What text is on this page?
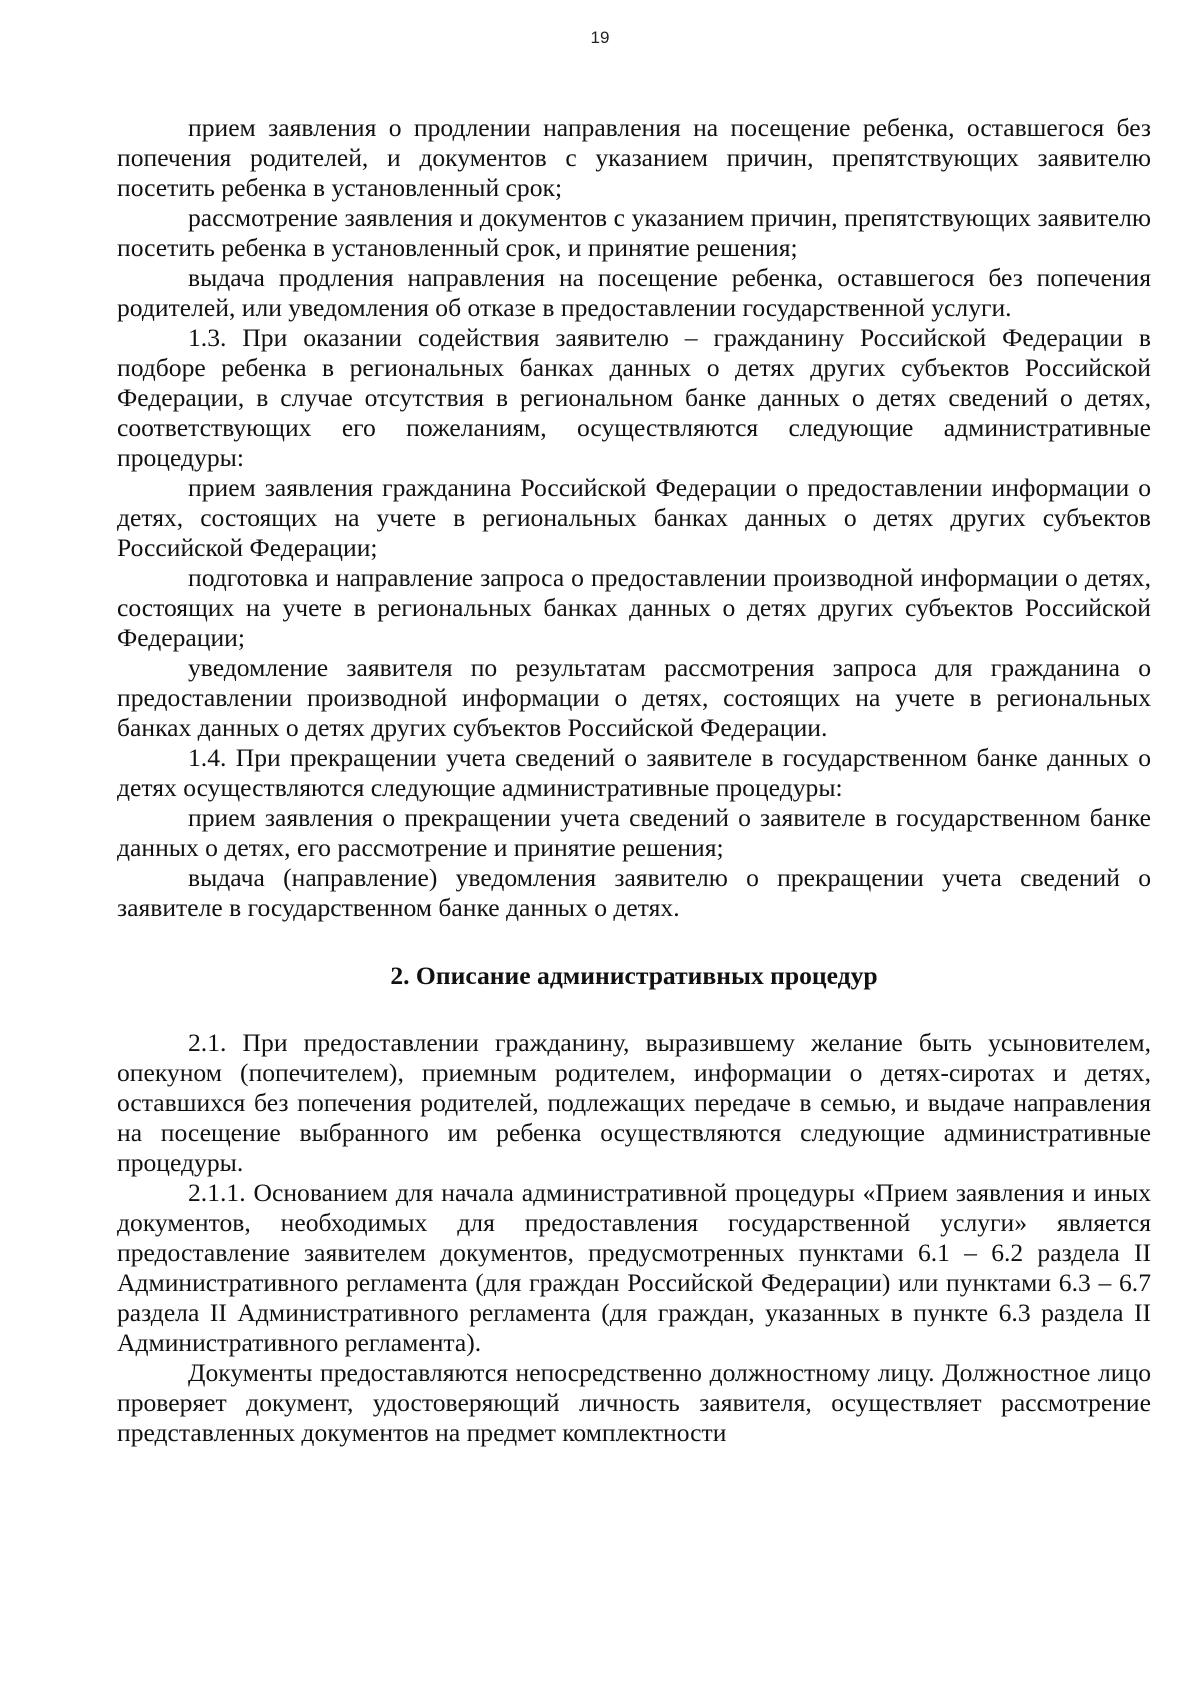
19

прием заявления о продлении направления на посещение ребенка, оставшегося без попечения родителей, и документов с указанием причин, препятствующих заявителю посетить ребенка в установленный срок;

рассмотрение заявления и документов с указанием причин, препятствующих заявителю посетить ребенка в установленный срок, и принятие решения;

выдача продления направления на посещение ребенка, оставшегося без попечения родителей, или уведомления об отказе в предоставлении государственной услуги.

1.3. При оказании содействия заявителю – гражданину Российской Федерации в подборе ребенка в региональных банках данных о детях других субъектов Российской Федерации, в случае отсутствия в региональном банке данных о детях сведений о детях, соответствующих его пожеланиям, осуществляются следующие административные процедуры:

прием заявления гражданина Российской Федерации о предоставлении информации о детях, состоящих на учете в региональных банках данных о детях других субъектов Российской Федерации;

подготовка и направление запроса о предоставлении производной информации о детях, состоящих на учете в региональных банках данных о детях других субъектов Российской Федерации;

уведомление заявителя по результатам рассмотрения запроса для гражданина о предоставлении производной информации о детях, состоящих на учете в региональных банках данных о детях других субъектов Российской Федерации.

1.4. При прекращении учета сведений о заявителе в государственном банке данных о детях осуществляются следующие административные процедуры:

прием заявления о прекращении учета сведений о заявителе в государственном банке данных о детях, его рассмотрение и принятие решения;

выдача (направление) уведомления заявителю о прекращении учета сведений о заявителе в государственном банке данных о детях.

2. Описание административных процедур

2.1. При предоставлении гражданину, выразившему желание быть усыновителем, опекуном (попечителем), приемным родителем, информации о детях-сиротах и детях, оставшихся без попечения родителей, подлежащих передаче в семью, и выдаче направления на посещение выбранного им ребенка осуществляются следующие административные процедуры.

2.1.1. Основанием для начала административной процедуры «Прием заявления и иных документов, необходимых для предоставления государственной услуги» является предоставление заявителем документов, предусмотренных пунктами 6.1 – 6.2 раздела II Административного регламента (для граждан Российской Федерации) или пунктами 6.3 – 6.7 раздела II Административного регламента (для граждан, указанных в пункте 6.3 раздела II Административного регламента).

Документы предоставляются непосредственно должностному лицу. Должностное лицо проверяет документ, удостоверяющий личность заявителя, осуществляет рассмотрение представленных документов на предмет комплектности
